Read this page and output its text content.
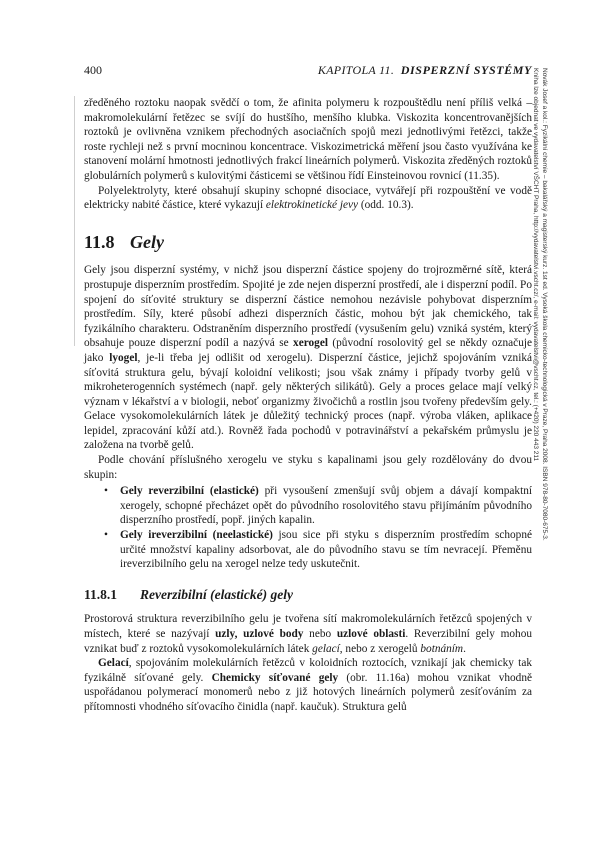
400	KAPITOLA 11. DISPERZNÍ SYSTÉMY Novák Josef a kol.: Fyzikální chemie – bakalářský a magisterský kurz. 1st ed. Vysoká škola chemicko-technologická v Praze, Praha 2008. ISBN 978-80-7080-675-3.
Kniha lze objednat ve vydavatelství VŠCHT Praha, http://vydavatelstvi.vscht.cz/, e-mail: vydavatelstvi@vscht.cz, tel.: (+420) 220 443 211

zředěného roztoku naopak svědčí o tom, že afinita polymeru k rozpouštědlu není příliš velká – makromolekulární řetězec se svíjí do hustšího, menšího klubka. Viskozita koncentrovanějších roztoků je ovlivněna vznikem přechodných asociačních spojů mezi jednotlivými řetězci, takže roste rychleji než s první mocninou koncentrace. Viskozimetrická měření jsou často využívána ke stanovení molární hmotnosti jednotlivých frakcí lineárních polymerů. Viskozita zředěných roztoků globulárních polymerů s kulovitými částicemi se většinou řídí Einsteinovou rovnicí (11.35).

Polyelektrolyty, které obsahují skupiny schopné disociace, vytvářejí při rozpouštění ve vodě elektricky nabité částice, které vykazují elektrokinetické jevy (odd. 10.3).

11.8 Gely

Gely jsou disperzní systémy, v nichž jsou disperzní částice spojeny do trojrozměrné sítě, která prostupuje disperzním prostředím. Spojité je zde nejen disperzní prostředí, ale i disperzní podíl. Po spojení do síťovité struktury se disperzní částice nemohou nezávisle pohybovat disperzním prostředím. Síly, které působí adhezi disperzních částic, mohou být jak chemického, tak fyzikálního charakteru. Odstraněním disperzního prostředí (vysušením gelu) vzniká systém, který obsahuje pouze disperzní podíl a nazývá se xerogel (původní rosolovitý gel se někdy označuje jako lyogel, je-li třeba jej odlišit od xerogelu). Disperzní částice, jejichž spojováním vzniká síťovitá struktura gelu, bývají koloidní velikosti; jsou však známy i případy tvorby gelů v mikroheterogenních systémech (např. gely některých silikátů). Gely a proces gelace mají velký význam v lékařství a v biologii, neboť organizmy živočichů a rostlin jsou tvořeny především gely. Gelace vysokomolekulárních látek je důležitý technický proces (např. výroba vláken, aplikace lepidel, zpracování kůží atd.). Rovněž řada pochodů v potravinářství a pekařském průmyslu je založena na tvorbě gelů.

Podle chování příslušného xerogelu ve styku s kapalinami jsou gely rozdělovány do dvou skupin:

• Gely reverzibilní (elastické) při vysoušení zmenšují svůj objem a dávají kompaktní xerogely, schopné přecházet opět do původního rosolovitého stavu přijímáním původního disperzního prostředí, popř. jiných kapalin.
• Gely ireverzibilní (neelastické) jsou sice při styku s disperzním prostředím schopné určité množství kapaliny adsorbovat, ale do původního stavu se tím nevracejí. Přeměnu ireverzibilního gelu na xerogel nelze tedy uskutečnit.
11.8.1 Reverzibilní (elastické) gely

Prostorová struktura reverzibilního gelu je tvořena sítí makromolekulárních řetězců spojených v místech, které se nazývají uzly, uzlové body nebo uzlové oblasti. Reverzibilní gely mohou vznikat buď z roztoků vysokomolekulárních látek gelací, nebo z xerogelů botnáním.

Gelací, spojováním molekulárních řetězců v koloidních roztocích, vznikají jak chemicky tak fyzikálně síťované gely. Chemicky síťované gely (obr. 11.16a) mohou vznikat vhodně uspořádanou polymerací monomerů nebo z již hotových lineárních polymerů zesíťováním za přítomnosti vhodného síťovacího činidla (např. kaučuk). Struktura gelů
